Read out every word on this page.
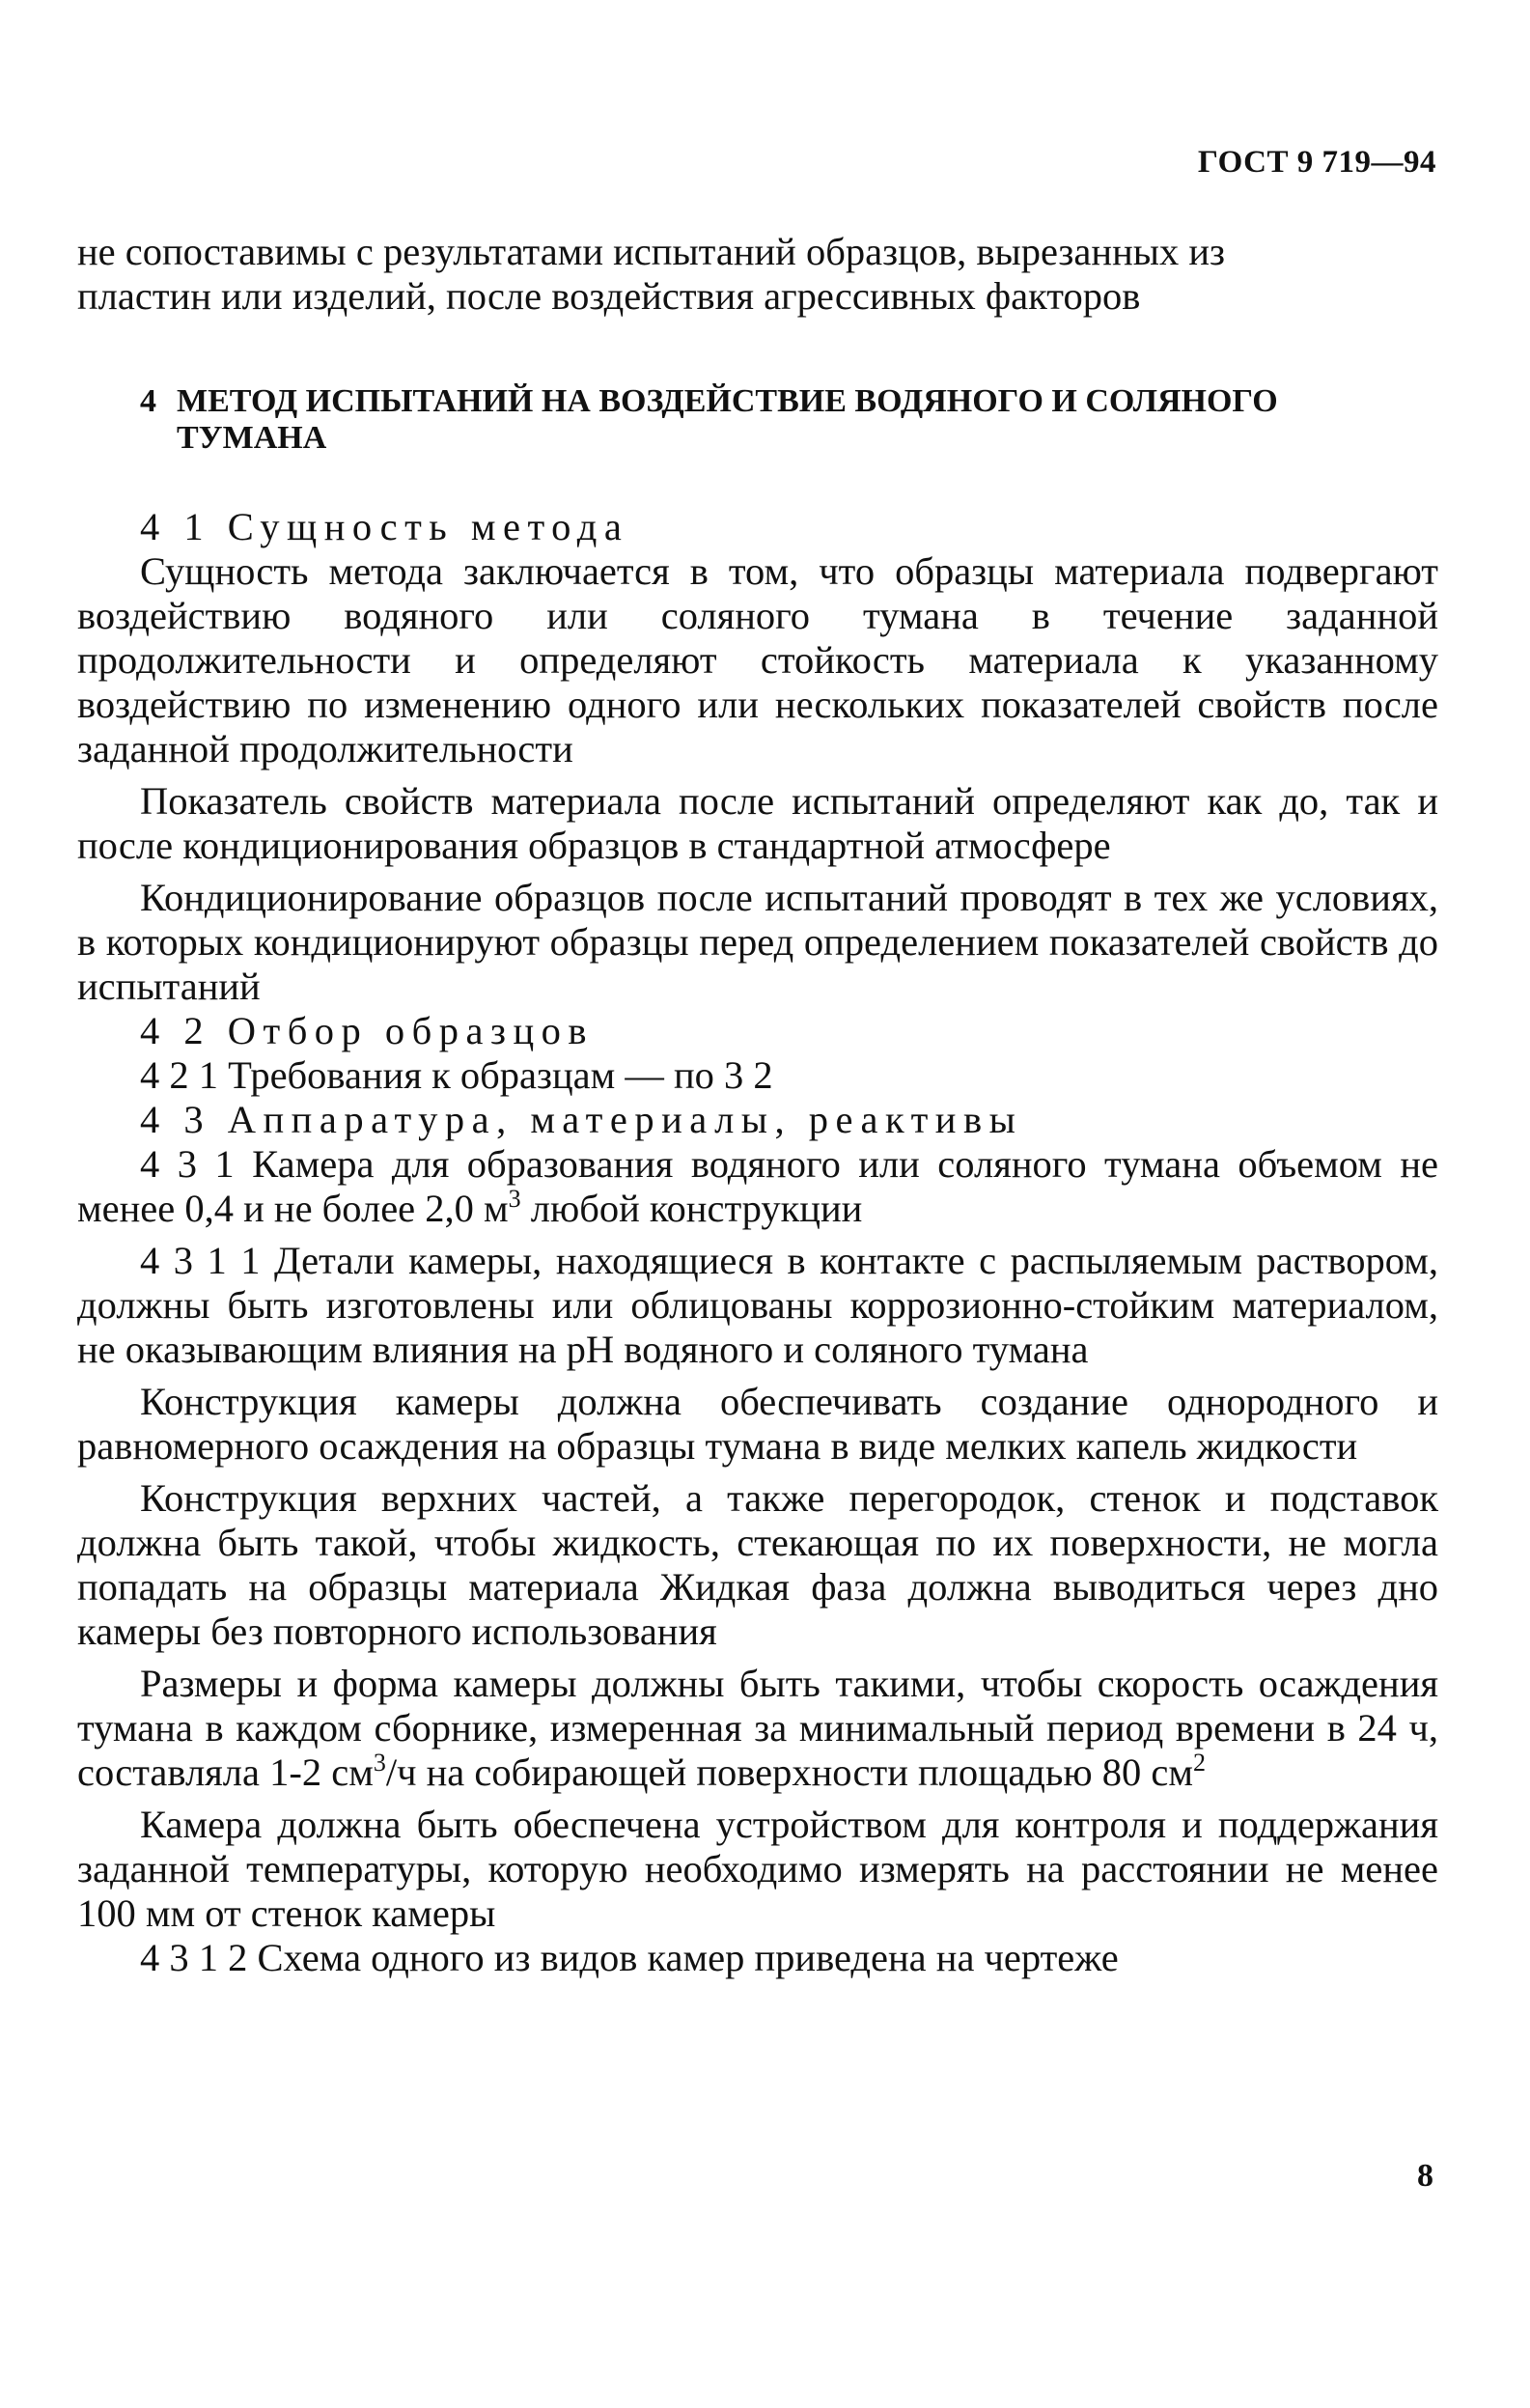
ГОСТ 9 719—94

не сопоставимы с результатами испытаний образцов, вырезанных из
пластин или изделий, после воздействия агрессивных факторов

4 МЕТОД ИСПЫТАНИЙ НА ВОЗДЕЙСТВИЕ ВОДЯНОГО И СОЛЯНОГО
ТУМАНА

4 1 Сущность метода

Сущность метода заключается в том, что образцы материала подвергают воздействию водяного или соляного тумана в течение заданной продолжительности и определяют стойкость материала к указанному воздействию по изменению одного или нескольких показателей свойств после заданной продолжительности

Показатель свойств материала после испытаний определяют как до, так и после кондиционирования образцов в стандартной атмосфере

Кондиционирование образцов после испытаний проводят в тех же условиях, в которых кондиционируют образцы перед определением показателей свойств до испытаний

4 2 Отбор образцов

4 2 1 Требования к образцам — по 3 2

4 3 Аппаратура, материалы, реактивы

4 3 1 Камера для образования водяного или соляного тумана объемом не менее 0,4 и не более 2,0 $м^3$ любой конструкции

4 3 1 1 Детали камеры, находящиеся в контакте с распыляемым раствором, должны быть изготовлены или облицованы коррозионно-стойким материалом, не оказывающим влияния на pH водяного и соляного тумана

Конструкция камеры должна обеспечивать создание однородного и равномерного осаждения на образцы тумана в виде мелких капель жидкости

Конструкция верхних частей, а также перегородок, стенок и подставок должна быть такой, чтобы жидкость, стекающая по их поверхности, не могла попадать на образцы материала Жидкая фаза должна выводиться через дно камеры без повторного использования

Размеры и форма камеры должны быть такими, чтобы скорость осаждения тумана в каждом сборнике, измеренная за минимальный период времени в 24 ч, составляла 1-2 $см^3/ч$ на собирающей поверхности площадью 80 $см^2$

Камера должна быть обеспечена устройством для контроля и поддержания заданной температуры, которую необходимо измерять на расстоянии не менее 100 мм от стенок камеры

4 3 1 2 Схема одного из видов камер приведена на чертеже

8
